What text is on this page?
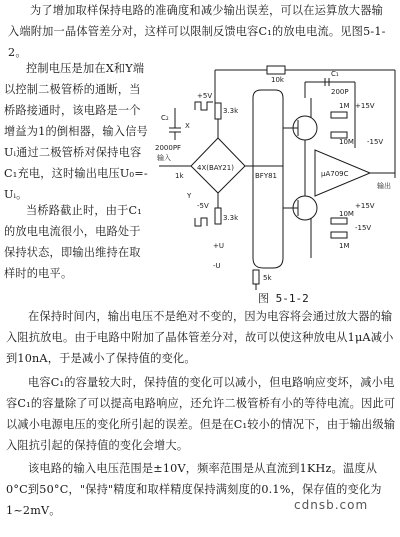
为了增加取样保持电路的准确度和减少输出误差，可以在运算放大器输入端附加一晶体管差分对，这样可以限制反馈电容C₁的放电电流。见图5-1-2。

控制电压是加在X和Y端以控制二极管桥的通断，当桥路接通时，该电路是一个增益为1的倒相器，输入信号Uᵢ通过二极管桥对保持电容C₁充电，这时输出电压U₀=-Uᵢ。

当桥路截止时，由于C₁的放电电流很小，电路处于保持状态，即输出维持在取样时的电平。

10k
C₁
200P
C₂
2000PF
3.3k
3.3k
+5V
-5V
4X(BAY21)
X
Y
输入
1k	BFY81
1M +15V
10M -15V
μA709C
输出
+15V
10M
-15V
1M
5k
+U
-U
图 5-1-2

在保持时间内，输出电压不是绝对不变的，因为电容将会通过放大器的输入阻抗放电。由于电路中附加了晶体管差分对，故可以使这种放电从1μA减小到10nA，于是减小了保持值的变化。

电容C₁的容量较大时，保持值的变化可以减小，但电路响应变坏，减小电容C₁的容量除了可以提高电路响应，还允许二极管桥有小的等待电流。因此可以减小电源电压的变化所引起的误差。但是在C₁较小的情况下，由于输出级输入阻抗引起的保持值的变化会增大。

该电路的输入电压范围是±10V，频率范围是从直流到1KHz。温度从0°C到50°C，"保持"精度和取样精度保持满刻度的0.1%，保存值的变化为1~2mV。	cdnsb.com
